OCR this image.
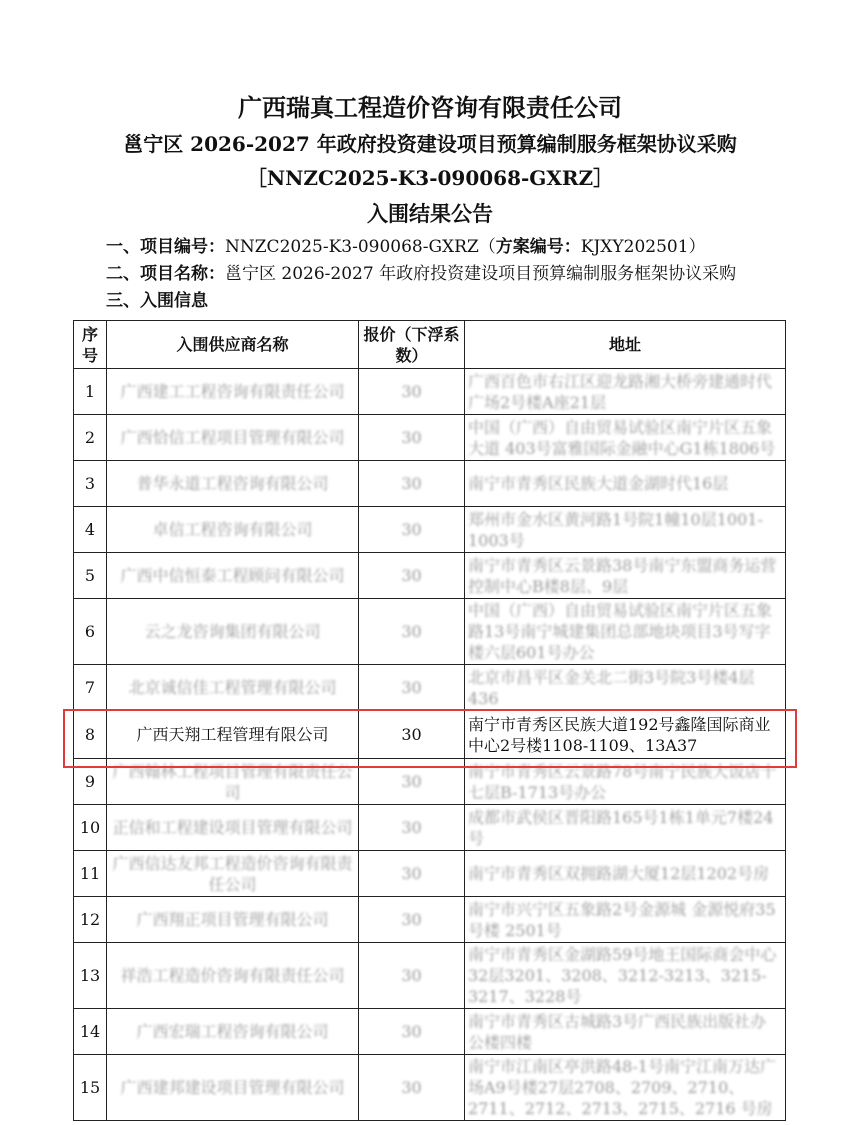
广西瑞真工程造价咨询有限责任公司
邕宁区 2026-2027 年政府投资建设项目预算编制服务框架协议采购
［NNZC2025-K3-090068-GXRZ］
入围结果公告
一、项目编号：NNZC2025-K3-090068-GXRZ（方案编号：KJXY202501）
二、项目名称：邕宁区 2026-2027 年政府投资建设项目预算编制服务框架协议采购
三、入围信息
序号	入围供应商名称	报价（下浮系数）	地址
1	广西建工工程咨询有限责任公司	30	广西百色市右江区迎龙路湘大桥旁建通时代广场2号楼A座21层
2	广西恰信工程项目管理有限公司	30	中国（广西）自由贸易试验区南宁片区五象大道 403号富雅国际金融中心G1栋1806号
3	普华永道工程咨询有限公司	30	南宁市青秀区民族大道金湖时代16层
4	卓信工程咨询有限公司	30	郑州市金水区黄河路1号院1幢10层1001-1003号
5	广西中信恒泰工程顾问有限公司	30	南宁市青秀区云景路38号南宁东盟商务运营控制中心B楼8层、9层
6	云之龙咨询集团有限公司	30	中国（广西）自由贸易试验区南宁片区五象路13号南宁城建集团总部地块项目3号写字楼六层601号办公
7	北京诚信佳工程管理有限公司	30	北京市昌平区金关北二街3号院3号楼4层436
8	广西天翔工程管理有限公司	30	南宁市青秀区民族大道192号鑫隆国际商业中心2号楼1108-1109、13A37
9	广西翰林工程项目管理有限责任公司	30	南宁市青秀区云景路78号南宁民族大饭店十七层B-1713号办公
10	正信和工程建设项目管理有限公司	30	成都市武侯区晋阳路165号1栋1单元7楼24号
11	广西信达友邦工程造价咨询有限责任公司	30	南宁市青秀区双拥路湖大厦12层1202号房
12	广西翔正项目管理有限公司	30	南宁市兴宁区五象路2号金源城 金源悦府35号楼 2501号
13	祥浩工程造价咨询有限责任公司	30	南宁市青秀区金湖路59号地王国际商会中心32层3201、3208、3212-3213、3215-3217、3228号
14	广西宏瑞工程咨询有限公司	30	南宁市青秀区古城路3号广西民族出版社办公楼四楼
15	广西建邦建设项目管理有限公司	30	南宁市江南区亭洪路48-1号南宁江南万达广场A9号楼27层2708、2709、2710、2711、2712、2713、2715、2716 号房
